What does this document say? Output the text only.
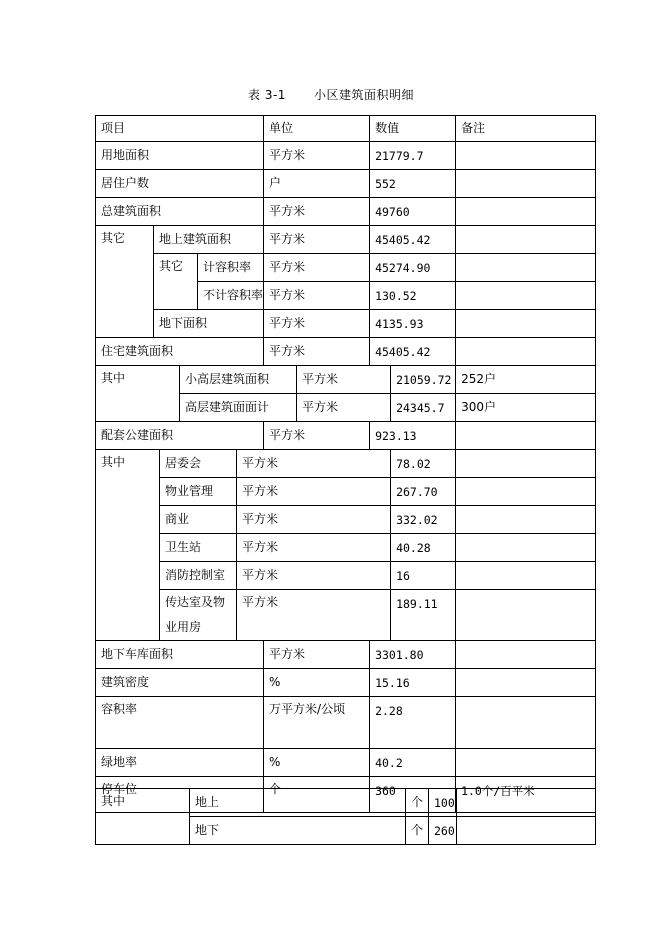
表 3-1 小区建筑面积明细
项目						单位		数值		备注
用地面积						平方米		21779.7		
居住户数						户		552		
总建筑面积						平方米		49760		
其它	地上建筑面积					平方米		45405.42		
	其它			计容积率		平方米		45274.90		
				不计容积率		平方米		130.52		
	地下面积					平方米		4135.93		
住宅建筑面积						平方米		45405.42		
其中			小高层建筑面积				平方米		21059.72	252户
			高层建筑面面计				平方米		24345.7	300户
配套公建面积						平方米		923.13		
其中		居委会			平方米				78.02	
		物业管理			平方米				267.70	
		商业			平方米				332.02	
		卫生站			平方米				40.28	
		消防控制室			平方米				16	
		传达室及物业用房			平方米				189.11	

地下车库面积						平方米		3301.80		
建筑密度						%		15.16		
容积率						万平方米/公顷		2.28		
绿地率						%		40.2		
停车位						个		360		1.0个/百平米
其中	地上	个	100	
	地下	个	260	
